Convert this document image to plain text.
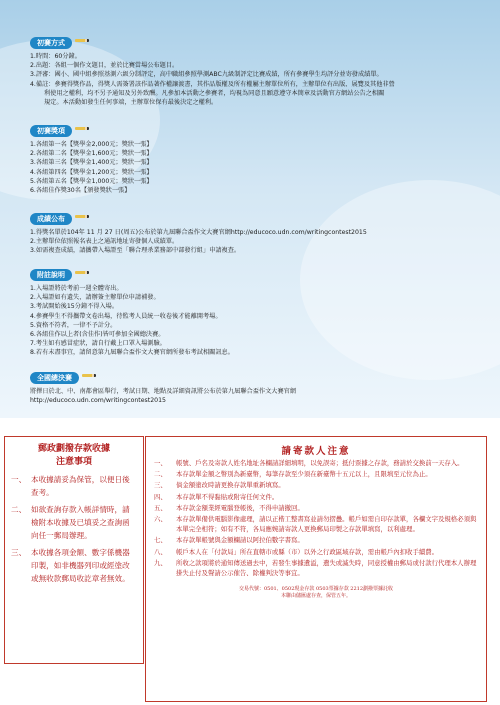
初賽方式
1.時間：60分鐘。
2.出題：各組一個作文題目，並於比賽當場公布題目。
3.評審：國小、國中組參照基測六級分制評定，高中職組參照學測ABC九級制評定比賽成績，所有參賽學生均評分並寄發成績單。
4.備註：參賽得獎作品，得獎人需簽署該作品著作權讓渡書，其作品版權及所有權屬主辦單位所有，主辦單位有出版、展覽及其他非營
利使用之權利，均不另予通知及另外致酬。凡參加本活動之參賽者，均視為同意且願意遵守本簡章及活動官方網站公告之相關
規定。本活動如發生任何事端，主辦單位保有最後決定之權利。
初賽獎項
1.各組第一名【獎學金2,000元；獎狀一張】
2.各組第二名【獎學金1,600元；獎狀一張】
3.各組第三名【獎學金1,400元；獎狀一張】
4.各組第四名【獎學金1,200元；獎狀一張】
5.各組第五名【獎學金1,000元；獎狀一張】
6.各組佳作獎30名【頒發獎狀一張】
成績公布
1.得獎名單於104年 11 月 27 日(周五)公布於第九屆聯合盃作文大賽官網http://educoco.udn.com/writingcontest2015
2.主辦單位依照報名表上之通訊地址寄發個人成績單。
3.如需複查成績，請攜帶入場證至「聯合理杀業務部中部發行組」申請複查。
附註說明
1.入場證將於考前一週全體寄出。
2.入場證如有遺失，請辦簽主辦單位申請補發。
3.考試開始後15分鐘不得入場。
4.參賽學生不得攜帶文卷出場，待監考人員統一收卷後才能離開考場。
5.資格不符者，一律不予計分。
6.各組佳作以上者(含佳作)皆可參加全國總決賽。
7.考生如有感冒症狀，請自行戴上口罩入場測驗。
8.若有未盡事宜，請留意第九屆聯合盃作文大賽官網所發布考試相關訊息。
全國總決賽
將擇日於北、中、南都會區舉行，考試日期、地點及詳細資訊將公布於第九屆聯合盃作文大賽官網
http://educoco.udn.com/writingcontest2015
郵政劃撥存款收據
注意事項
一、 本收據請妥為保管，以便日後查考。
二、 如欲查詢存款入帳詳情時，請檢附本收據及已填妥之查詢函向任一郵局辦理。
三、 本收據各項金額、數字係機器印製，如非機器列印或經塗改或無收款郵局收訖章者無效。
請寄款人注意
一、	帳號、戶名及寄款人姓名地址各欄請詳細填明，以免誤寄；抵付票據之存款，務請於交換前一天存入。
二、	本存款單金額之幣別為新臺幣，每筆存款至少須在新臺幣十五元以上，且限填至元位為止。
三、	倘金額塗改時請更換存款單重新填寫。
四、	本存款單不得黏貼或附寄任何文件。
五、	本存款金額業經電腦登帳後，不得申請撤回。
六、	本存款單備供電腦影像處理，請以正楷工整書寫並請勿摺疊。帳戶如需自印存款單，各欄文字及規格必須與本單完全相符；如有不符，各局應婉請寄款人更換郵局印製之存款單填寫，以利處理。
七、	本存款單帳號與金額欄請以阿拉伯數字書寫。
八、	帳戶本人在「付款局」所在直轄市或縣（市）以外之行政區域存款，需由帳戶內扣收手續費。
九、	所收之款項將於通知傳送過去中，若發生事據遺溢，遺失或滅失時，同意授權由郵局或付款行代理本人辦理掛失止付及聲請公示催告、除權判決等事宜。
交易代號：0501、0502現金存款 0503票據存款 2212劃撥票據託收
本聯由儲匯處存查，保管五年。
